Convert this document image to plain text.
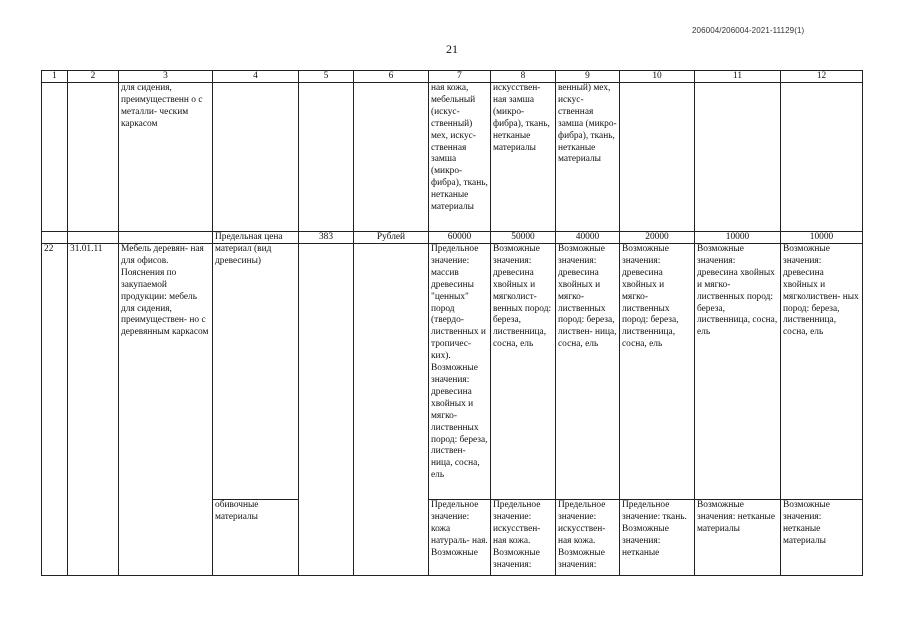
206004/206004-2021-11129(1)
21
1	2	3	4	5	6	7	8	9	10	11	12
		для сидения, преимущественн о с металли- ческим каркасом				ная кожа, мебельный (искус- ственный) мех, искус- ственная замша (микро- фибра), ткань, нетканые материалы	искусствен- ная замша (микро- фибра), ткань, нетканые материалы	венный) мех, искус- ственная замша (микро- фибра), ткань, нетканые материалы			
			Предельная цена	383	Рублей	60000	50000	40000	20000	10000	10000
22	31.01.11	Мебель деревян- ная для офисов. Пояснения по закупаемой продукции: мебель для сидения, преимуществен- но с деревянным каркасом	материал (вид древесины)			Предельное значение: массив древесины "ценных" пород (твердо- лиственных и тропичес- ких). Возможные значения: древесина хвойных и мягко- лиственных пород: береза, листвен- ница, сосна, ель	Возможные значения: древесина хвойных и мягколист- венных пород: береза, лиственница, сосна, ель	Возможные значения: древесина хвойных и мягко- лиственных пород: береза, листвен- ница, сосна, ель	Возможные значения: древесина хвойных и мягко- лиственных пород: береза, лиственница, сосна, ель	Возможные значения: древесина хвойных и мягко- лиственных пород: береза, лиственница, сосна, ель	Возможные значения: древесина хвойных и мягколиствен- ных пород: береза, лиственница, сосна, ель
			обивочные материалы			Предельное значение: кожа натураль- ная. Возможные	Предельное значение: искусствен- ная кожа. Возможные значения:	Предельное значение: искусствен- ная кожа. Возможные значения:	Предельное значение: ткань. Возможные значения: нетканые	Возможные значения: нетканые материалы	Возможные значения: нетканые материалы
